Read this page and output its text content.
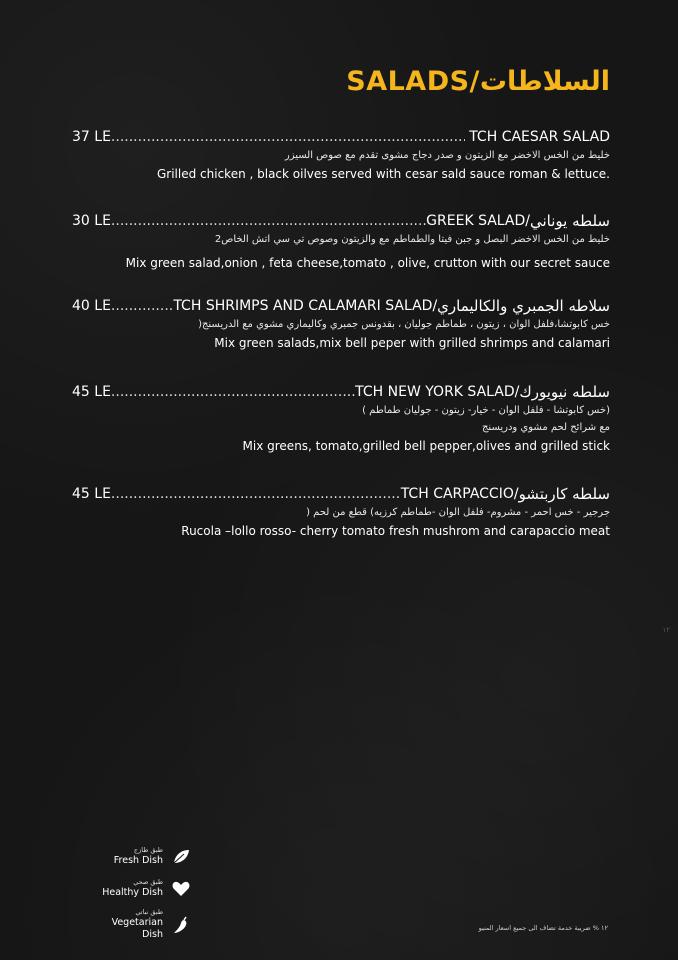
SALADS/السلاطات
37 LE .....	TCH CAESAR SALAD
خليط من الخس الاخضر مع الزيتون و صدر دجاج مشوى تقدم مع صوص السيزر
Grilled chicken , black oilves served with cesar sald sauce roman & lettuce.
30 LE .....	GREEK SALAD/ سلطه يوناني
خليط من الخس الاخضر البصل و جبن فيتا والطماطم مع والزيتون وصوص تي سي اتش الخاص2
Mix green salad,onion , feta cheese,tomato , olive, crutton with our secret sauce
40 LE .....	TCH SHRIMPS AND CALAMARI SALAD/ سلاطه الجمبري والكاليماري
خس كابوتشا،فلفل الوان ، زيتون ، طماطم جوليان ، بقدونس جمبري وكاليماري مشوي مع الدريسنج(
Mix green salads,mix bell peper with grilled shrimps and calamari
45 LE .....	TCH NEW YORK SALAD/ سلطه نيويورك
(خس كابوتشا - فلفل الوان - خيار- زيتون - جوليان طماطم )
مع شرائح لحم مشوي ودريسنج
Mix greens, tomato,grilled bell pepper,olives and grilled stick
45 LE .....	TCH CARPACCIO/ سلطه كاربتشو
جرجير - خس احمر - مشروم- فلفل الوان -طماطم كرزيه) قطع من لحم (
Rucola –lollo rosso- cherry tomato fresh mushrom and carapaccio meat
١٢
طبق طازج
Fresh Dish
طبق صحي
Healthy Dish
طبق نباتي
Vegetarian Dish
١٢ % ضريبة خدمة تضاف الى جميع اسعار المنيو
